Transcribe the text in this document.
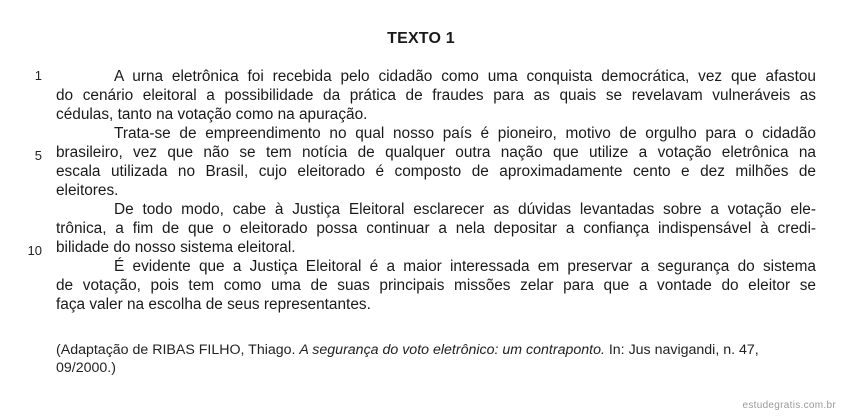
TEXTO 1
1
5
10
A urna eletrônica foi recebida pelo cidadão como uma conquista democrática, vez que afastou
do cenário eleitoral a possibilidade da prática de fraudes para as quais se revelavam vulneráveis as
cédulas, tanto na votação como na apuração.
Trata-se de empreendimento no qual nosso país é pioneiro, motivo de orgulho para o cidadão
brasileiro, vez que não se tem notícia de qualquer outra nação que utilize a votação eletrônica na
escala utilizada no Brasil, cujo eleitorado é composto de aproximadamente cento e dez milhões de
eleitores.
De todo modo, cabe à Justiça Eleitoral esclarecer as dúvidas levantadas sobre a votação ele-
trônica, a fim de que o eleitorado possa continuar a nela depositar a confiança indispensável à credi-
bilidade do nosso sistema eleitoral.
É evidente que a Justiça Eleitoral é a maior interessada em preservar a segurança do sistema
de votação, pois tem como uma de suas principais missões zelar para que a vontade do eleitor se
faça valer na escolha de seus representantes.
(Adaptação de RIBAS FILHO, Thiago. A segurança do voto eletrônico: um contraponto. In: Jus navigandi, n. 47,
09/2000.)
estudegratis.com.br
